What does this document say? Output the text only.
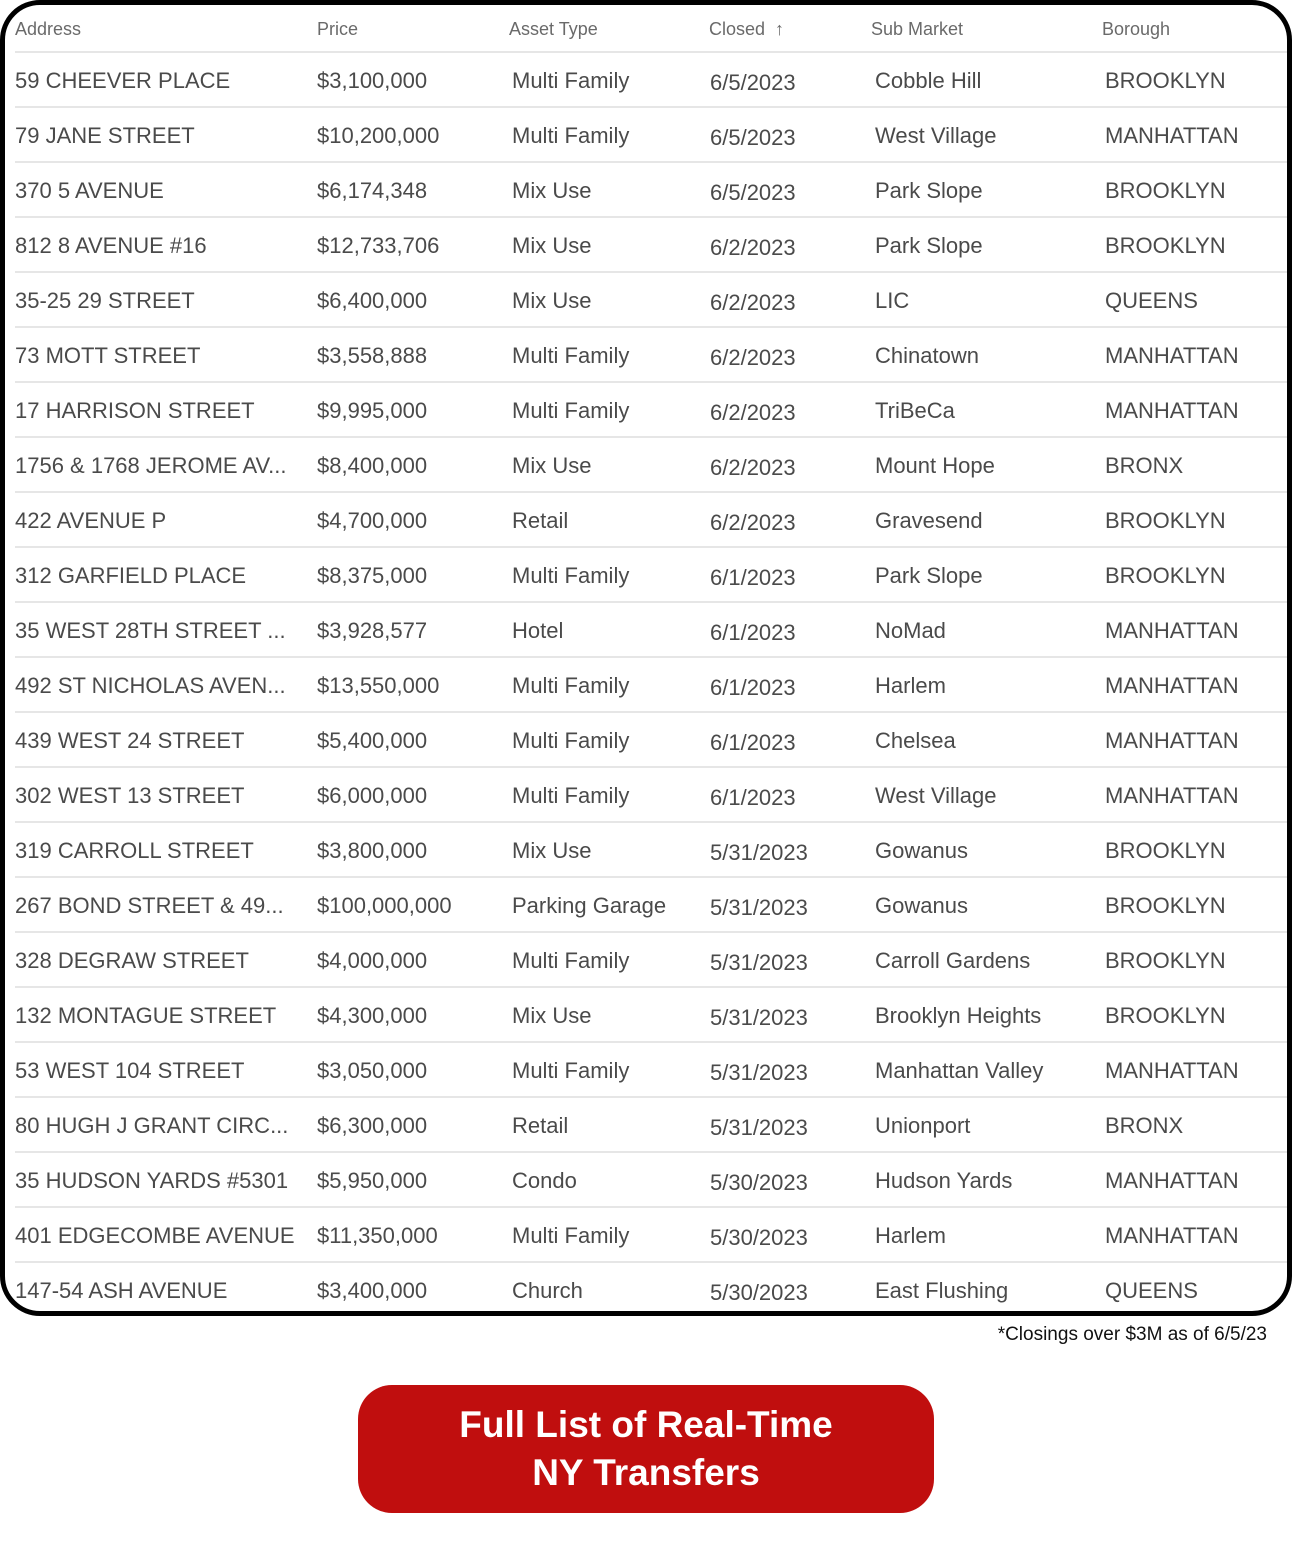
Address	Price	Asset Type	Closed ↑	Sub Market	Borough
59 CHEEVER PLACE	$3,100,000	Multi Family	6/5/2023	Cobble Hill	BROOKLYN
79 JANE STREET	$10,200,000	Multi Family	6/5/2023	West Village	MANHATTAN
370 5 AVENUE	$6,174,348	Mix Use	6/5/2023	Park Slope	BROOKLYN
812 8 AVENUE #16	$12,733,706	Mix Use	6/2/2023	Park Slope	BROOKLYN
35-25 29 STREET	$6,400,000	Mix Use	6/2/2023	LIC	QUEENS
73 MOTT STREET	$3,558,888	Multi Family	6/2/2023	Chinatown	MANHATTAN
17 HARRISON STREET	$9,995,000	Multi Family	6/2/2023	TriBeCa	MANHATTAN
1756 & 1768 JEROME AV... $8,400,000	Mix Use	6/2/2023	Mount Hope	BRONX
422 AVENUE P	$4,700,000	Retail	6/2/2023	Gravesend	BROOKLYN
312 GARFIELD PLACE	$8,375,000	Multi Family	6/1/2023	Park Slope	BROOKLYN
35 WEST 28TH STREET ... $3,928,577	Hotel	6/1/2023	NoMad	MANHATTAN
492 ST NICHOLAS AVEN... $13,550,000	Multi Family	6/1/2023	Harlem	MANHATTAN
439 WEST 24 STREET	$5,400,000	Multi Family	6/1/2023	Chelsea	MANHATTAN
302 WEST 13 STREET	$6,000,000	Multi Family	6/1/2023	West Village	MANHATTAN
319 CARROLL STREET	$3,800,000	Mix Use	5/31/2023	Gowanus	BROOKLYN
267 BOND STREET & 49... $100,000,000	Parking Garage 5/31/2023	Gowanus	BROOKLYN
328 DEGRAW STREET	$4,000,000	Multi Family	5/31/2023	Carroll Gardens	BROOKLYN
132 MONTAGUE STREET $4,300,000	Mix Use	5/31/2023	Brooklyn Heights	BROOKLYN
53 WEST 104 STREET	$3,050,000	Multi Family	5/31/2023	Manhattan Valley	MANHATTAN
80 HUGH J GRANT CIRC... $6,300,000	Retail	5/31/2023	Unionport	BRONX
35 HUDSON YARDS #5301 $5,950,000	Condo	5/30/2023	Hudson Yards	MANHATTAN
401 EDGECOMBE AVENUE $11,350,000	Multi Family	5/30/2023	Harlem	MANHATTAN
147-54 ASH AVENUE	$3,400,000	Church	5/30/2023	East Flushing	QUEENS
*Closings over $3M as of 6/5/23
Full List of Real-Time
NY Transfers
